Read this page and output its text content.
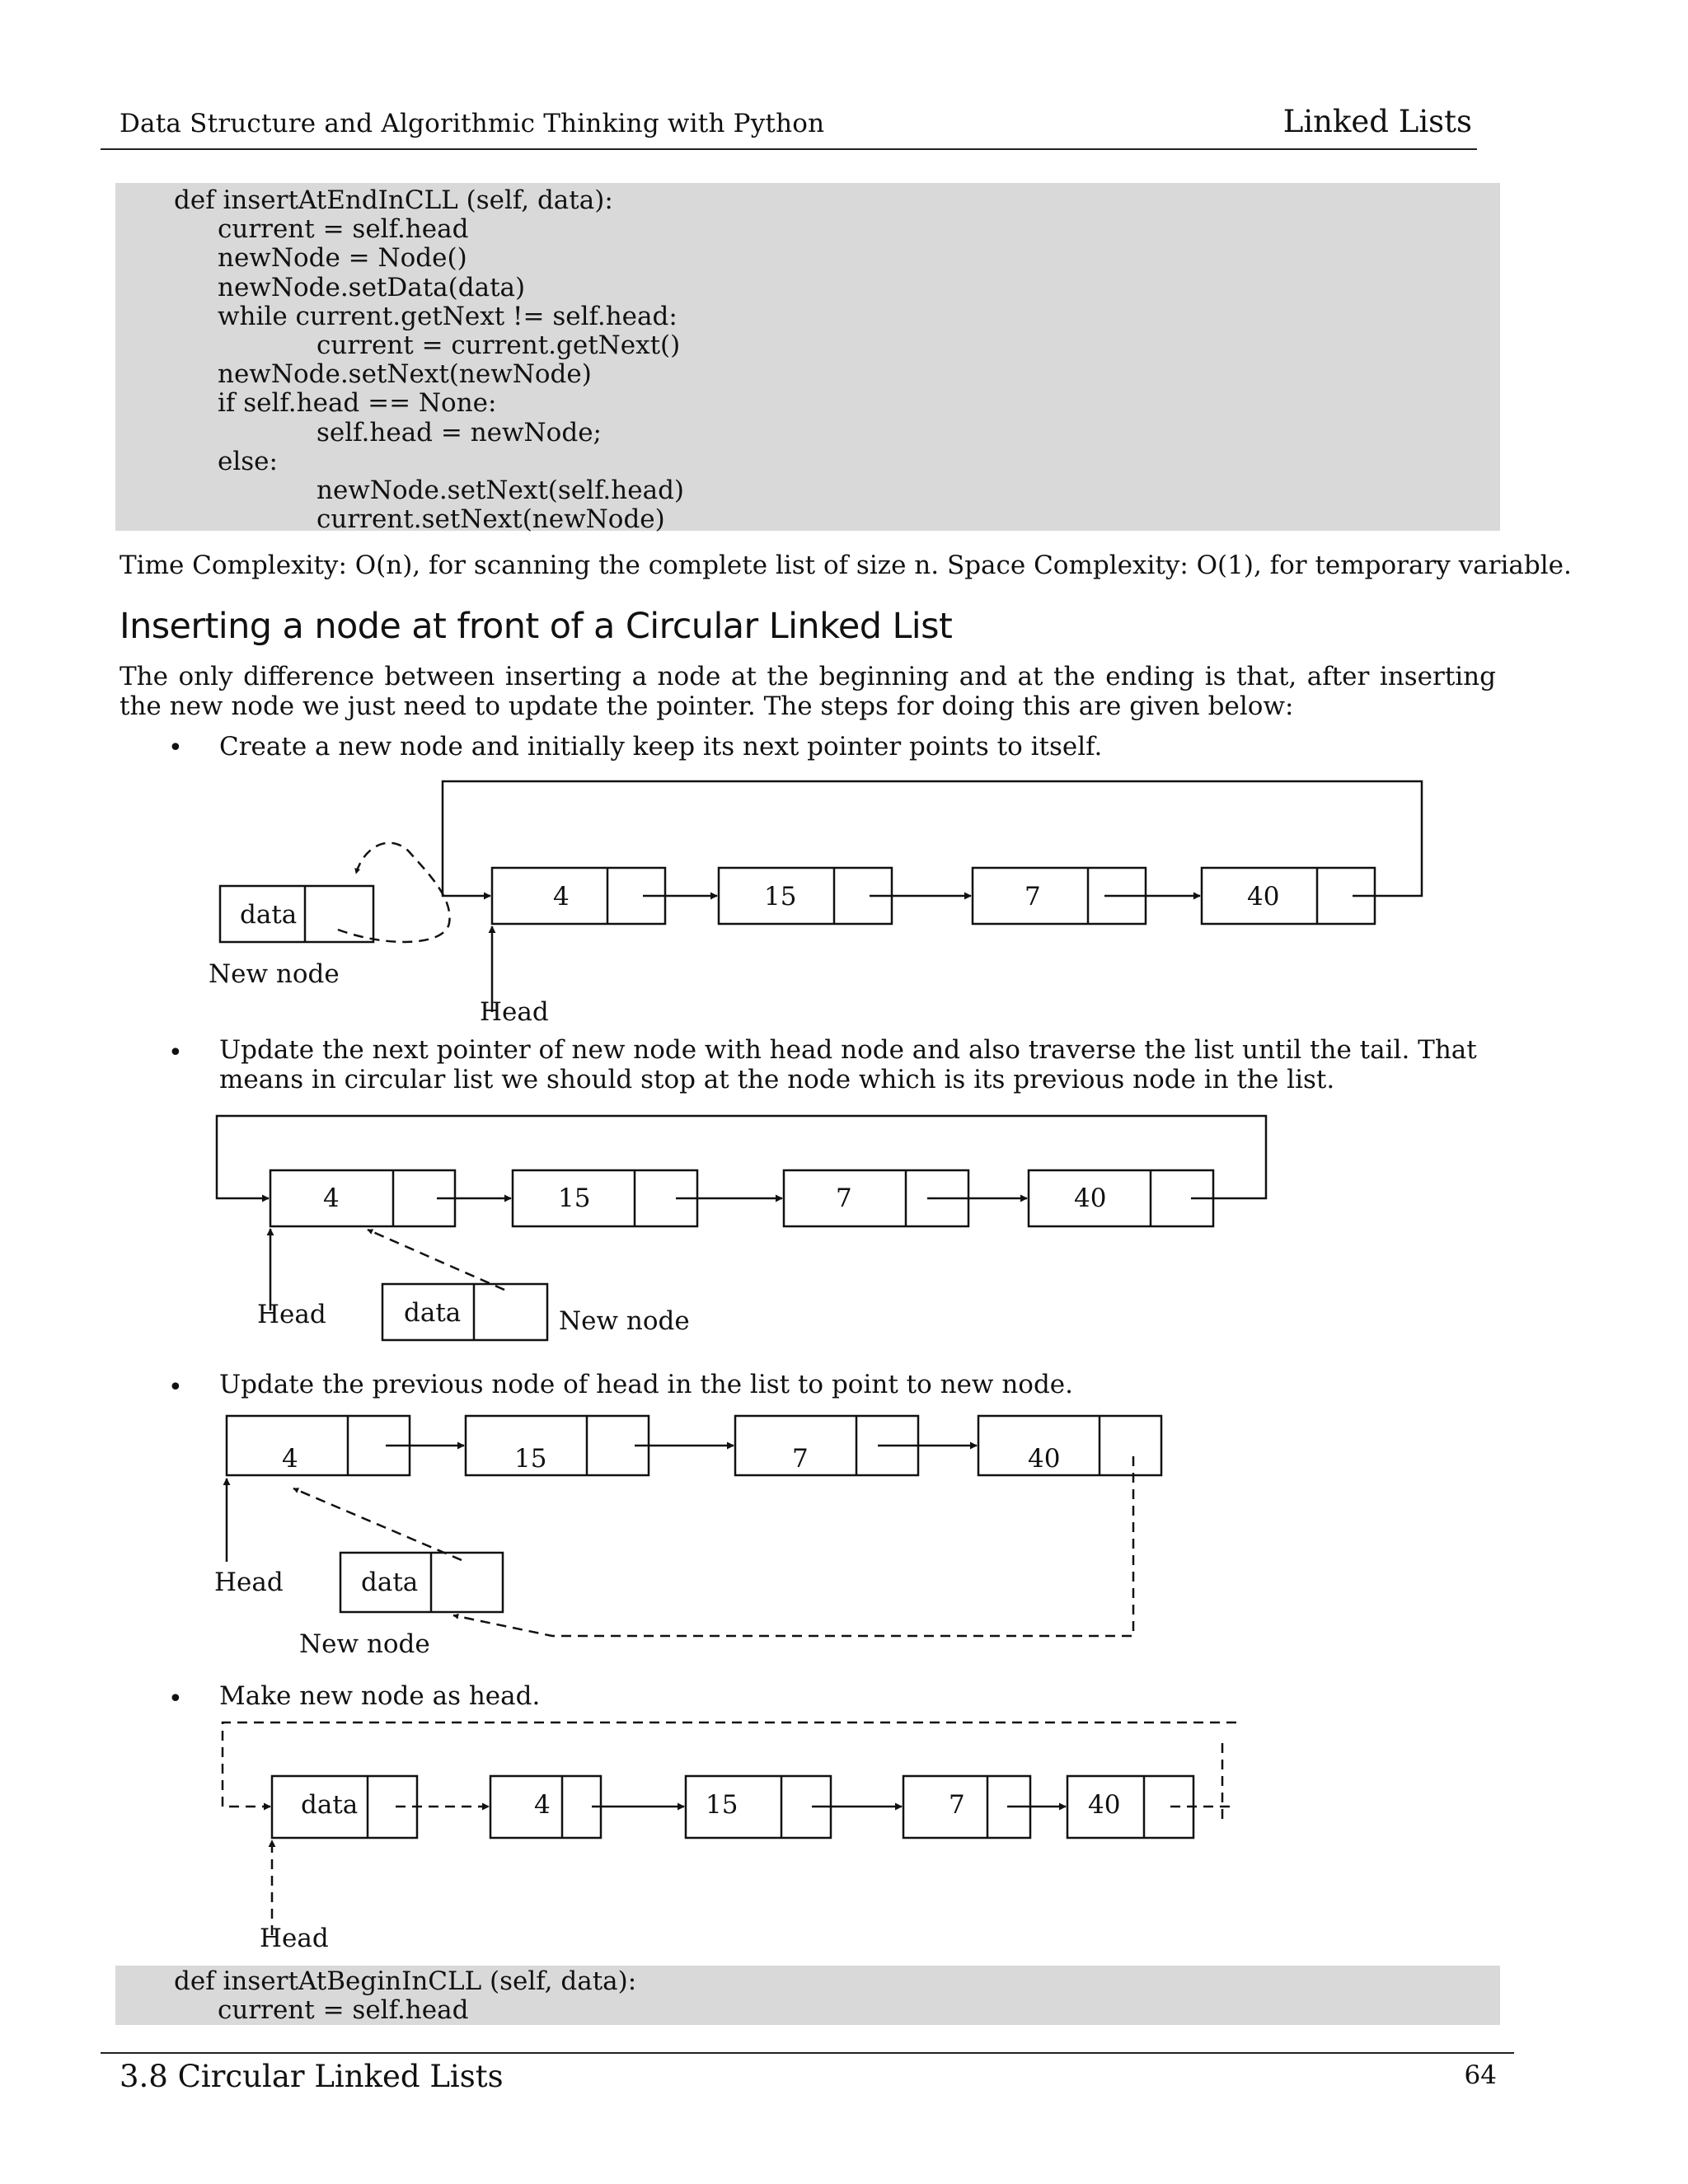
Data Structure and Algorithmic Thinking with Python	Linked Lists
def insertAtEndInCLL (self, data):
current = self.head
newNode = Node()
newNode.setData(data)
while current.getNext != self.head:
current = current.getNext()
newNode.setNext(newNode)
if self.head == None:
self.head = newNode;
else:
newNode.setNext(self.head)
current.setNext(newNode)
Time Complexity: O(n), for scanning the complete list of size n. Space Complexity: O(1), for temporary variable.
Inserting a node at front of a Circular Linked List
The only difference between inserting a node at the beginning and at the ending is that, after inserting the new node we just need to update the pointer. The steps for doing this are given below:
• Create a new node and initially keep its next pointer points to itself.
4	15	7	40
data
New node
Head
• Update the next pointer of new node with head node and also traverse the list until the tail. That means in circular list we should stop at the node which is its previous node in the list.
4	15	7	40
Head	data	New node
• Update the previous node of head in the list to point to new node.
4	15	7	40
Head	data
New node
• Make new node as head.
data	4	15	7	40
Head
def insertAtBeginInCLL (self, data):
current = self.head
3.8 Circular Linked Lists	64
